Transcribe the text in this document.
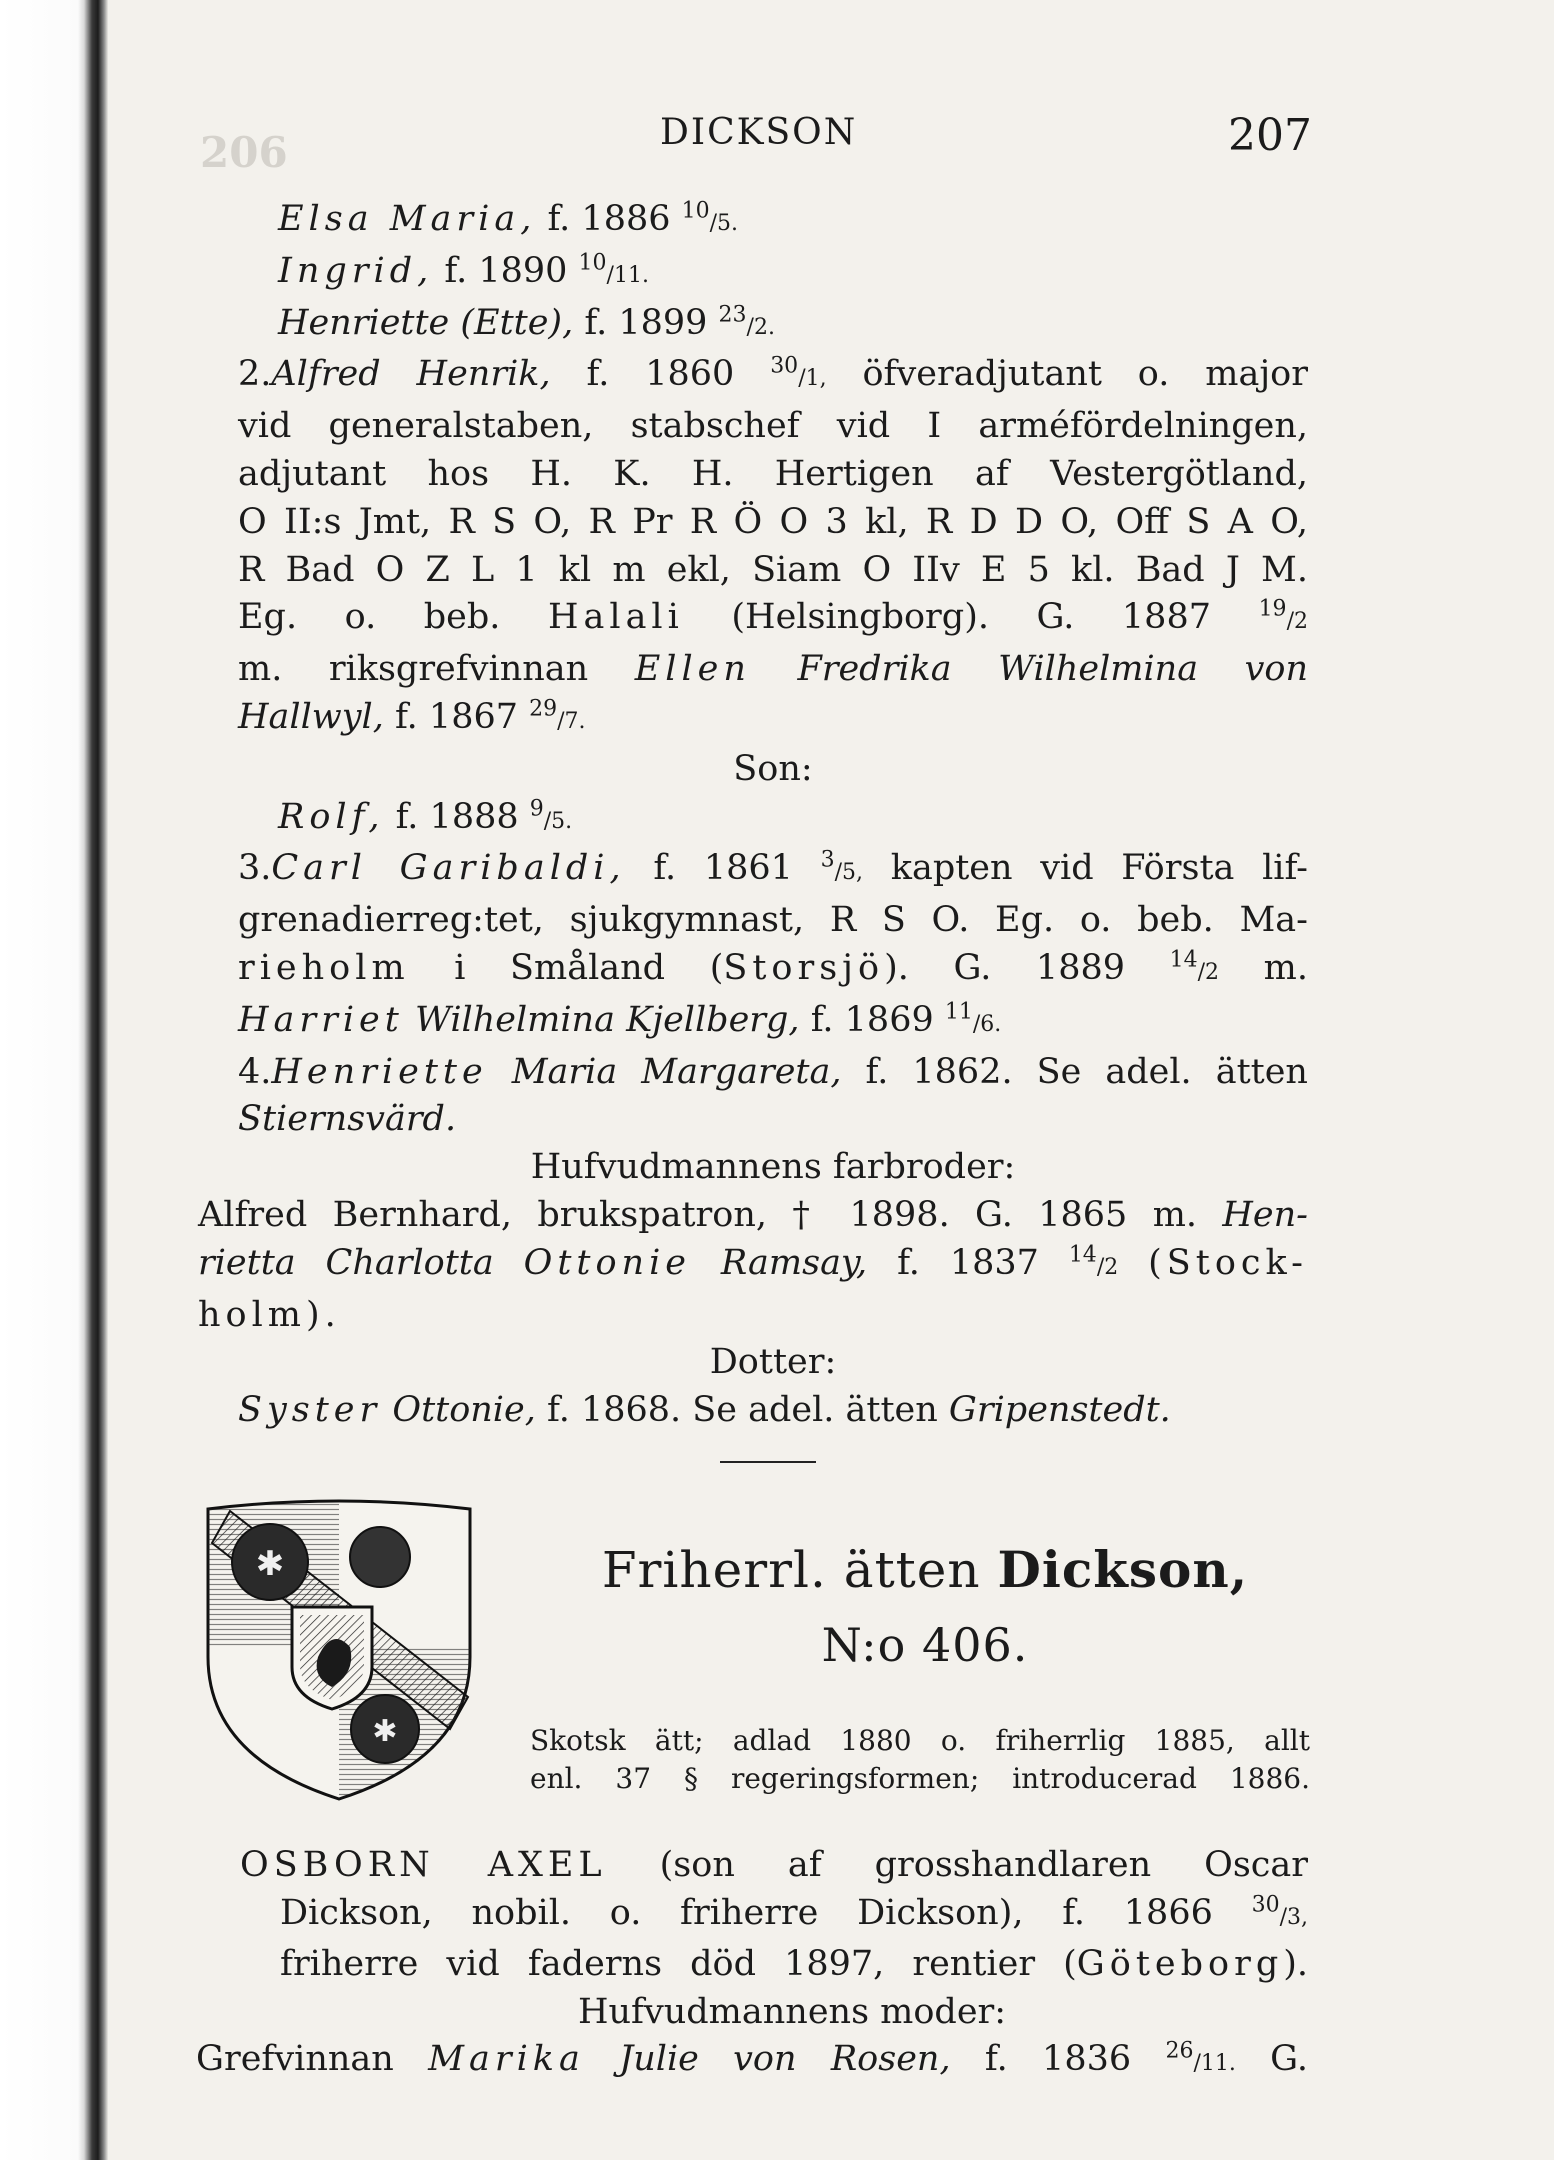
206	DICKSON	207

Elsa Maria, f. 1886 $^{10}$/5.

Ingrid, f. 1890 $^{10}$/11.

Henriette (Ette), f. 1899 $^{23}$/2.

2.Alfred Henrik, f. 1860 $^{30}$/1, öfveradjutant o. major

vid generalstaben, stabschef vid I arméfördelningen,

adjutant hos H. K. H. Hertigen af Vestergötland,

O II:s Jmt, R S O, R Pr R Ö O 3 kl, R D D O, Off S A O,

R Bad O Z L 1 kl m ekl, Siam O IIv E 5 kl. Bad J M.

Eg. o. beb. Halali (Helsingborg). G. 1887 $^{19}$/2

m. riksgrefvinnan Ellen Fredrika Wilhelmina von

Hallwyl, f. 1867 $^{29}$/7.

Son:

Rolf, f. 1888 $^9$/5.

3.Carl Garibaldi, f. 1861 $^3$/5, kapten vid Första lif-

grenadierreg:tet, sjukgymnast, R S O. Eg. o. beb. Ma-

rieholm i Småland (Storsjö). G. 1889 $^{14}$/2 m.

Harriet Wilhelmina Kjellberg, f. 1869 $^{11}$/6.

4.Henriette Maria Margareta, f. 1862. Se adel. ätten

Stiernsvärd.

Hufvudmannens farbroder:

Alfred Bernhard, brukspatron, † 1898. G. 1865 m. Hen-

rietta Charlotta Ottonie Ramsay, f. 1837 $^{14}$/2 (Stock-

holm).

Dotter:

Syster Ottonie, f. 1868. Se adel. ätten Gripenstedt.

✱
✱
Friherrl. ätten Dickson,
N:o 406.

Skotsk ätt; adlad 1880 o. friherrlig 1885, allt

enl. 37 § regeringsformen; introducerad 1886.

OSBORN AXEL (son af grosshandlaren Oscar

Dickson, nobil. o. friherre Dickson), f. 1866 $^{30}$/3,

friherre vid faderns död 1897, rentier (Göteborg).

Hufvudmannens moder:

Grefvinnan Marika Julie von Rosen, f. 1836 $^{26}$/11. G.
